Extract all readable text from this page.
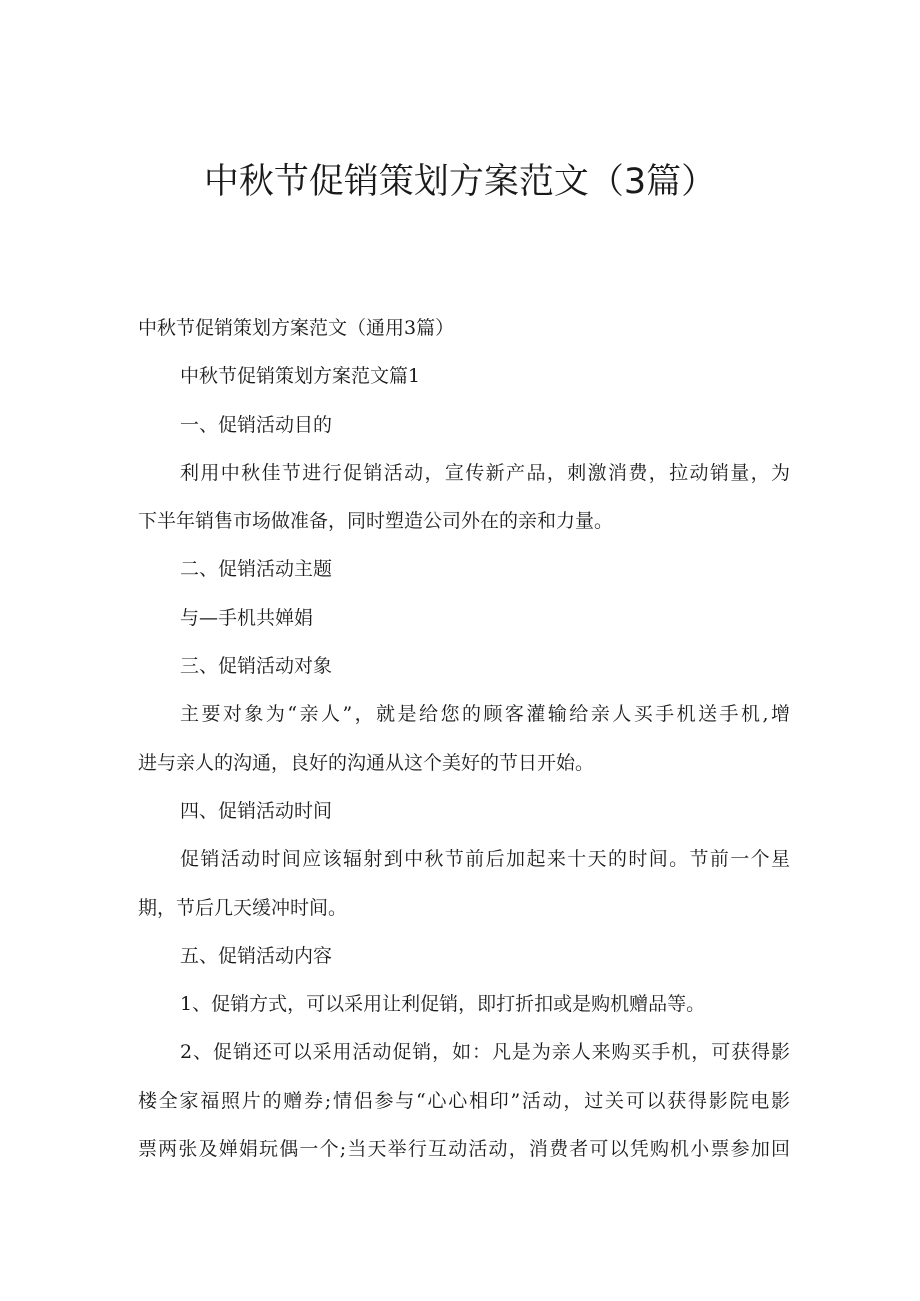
中秋节促销策划方案范文（3篇）

中秋节促销策划方案范文（通用3篇）

中秋节促销策划方案范文篇1

一、促销活动目的

利用中秋佳节进行促销活动，宣传新产品，刺激消费，拉动销量，为

下半年销售市场做准备，同时塑造公司外在的亲和力量。

二、促销活动主题

与—手机共婵娟

三、促销活动对象

主要对象为“亲人”，就是给您的顾客灌输给亲人买手机送手机,增

进与亲人的沟通，良好的沟通从这个美好的节日开始。

四、促销活动时间

促销活动时间应该辐射到中秋节前后加起来十天的时间。节前一个星

期，节后几天缓冲时间。

五、促销活动内容

1、促销方式，可以采用让利促销，即打折扣或是购机赠品等。

2、促销还可以采用活动促销，如：凡是为亲人来购买手机，可获得影

楼全家福照片的赠券;情侣参与“心心相印”活动，过关可以获得影院电影

票两张及婵娟玩偶一个;当天举行互动活动，消费者可以凭购机小票参加回
